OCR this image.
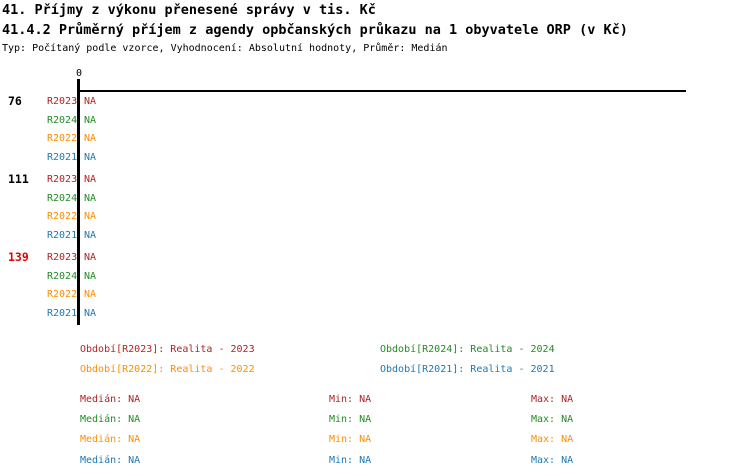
41. Příjmy z výkonu přenesené správy v tis. Kč
41.4.2 Průměrný příjem z agendy opbčanských průkazu na 1 obyvatele ORP (v Kč)
Typ: Počítaný podle vzorce, Vyhodnocení: Absolutní hodnoty, Průměr: Medián
0
76	R2023 NA
R2024 NA
R2022 NA
R2021 NA
111 R2023 NA
R2024 NA
R2022 NA
R2021 NA
139 R2023 NA
R2024 NA
R2022 NA
R2021 NA
Období[R2023]: Realita - 2023	Období[R2024]: Realita - 2024
Období[R2022]: Realita - 2022	Období[R2021]: Realita - 2021
Medián: NA	Min: NA	Max: NA
Medián: NA	Min: NA	Max: NA
Medián: NA	Min: NA	Max: NA
Medián: NA	Min: NA	Max: NA
